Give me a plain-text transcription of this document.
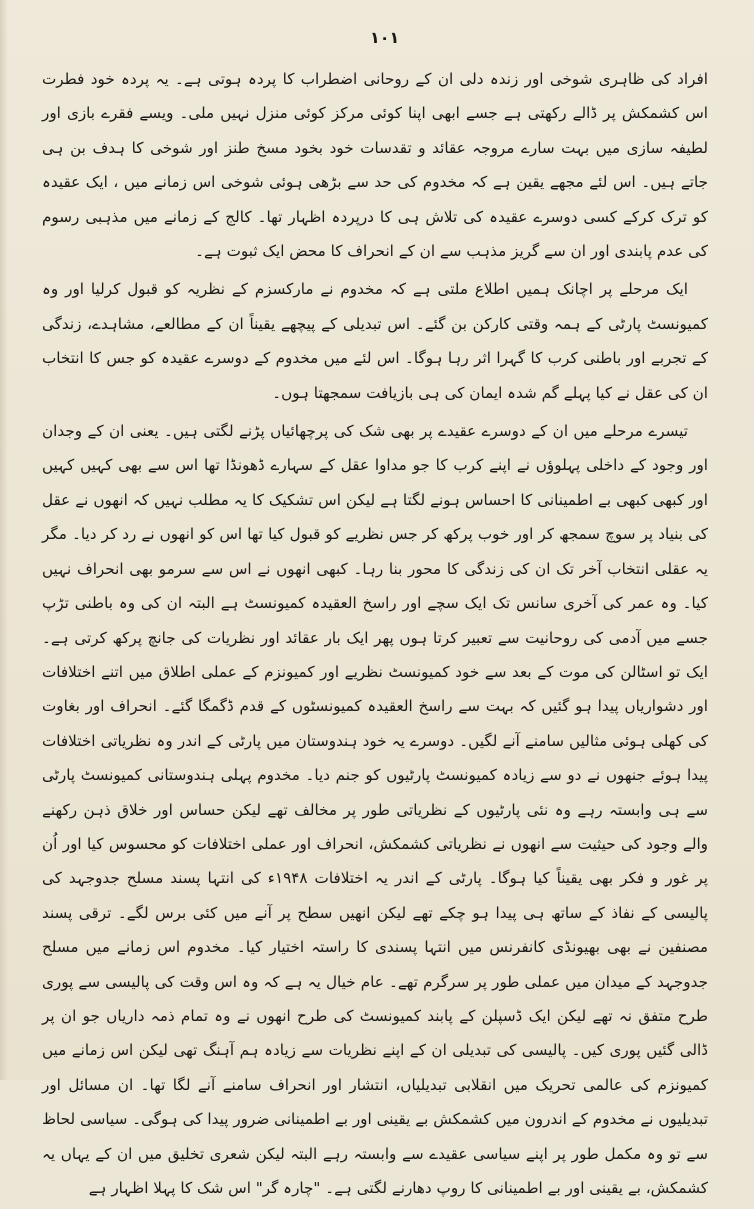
١٠١

افراد کی ظاہری شوخی اور زندہ دلی ان کے روحانی اضطراب کا پردہ ہوتی ہے۔ یہ پردہ خود فطرت اس کشمکش پر ڈالے رکھتی ہے جسے ابھی اپنا کوئی مرکز کوئی منزل نہیں ملی۔ ویسے فقرے بازی اور لطیفہ سازی میں بہت سارے مروجہ عقائد و تقدسات خود بخود مسخ طنز اور شوخی کا ہدف بن ہی جاتے ہیں۔ اس لئے مجھے یقین ہے کہ مخدوم کی حد سے بڑھی ہوئی شوخی اس زمانے میں ، ایک عقیدہ کو ترک کرکے کسی دوسرے عقیدہ کی تلاش ہی کا درپردہ اظہار تھا۔ کالج کے زمانے میں مذہبی رسوم کی عدم پابندی اور ان سے گریز مذہب سے ان کے انحراف کا محض ایک ثبوت ہے۔

ایک مرحلے پر اچانک ہمیں اطلاع ملتی ہے کہ مخدوم نے مارکسزم کے نظریہ کو قبول کرلیا اور وہ کمیونسٹ پارٹی کے ہمہ وقتی کارکن بن گئے۔ اس تبدیلی کے پیچھے یقیناً ان کے مطالعے، مشاہدے، زندگی کے تجربے اور باطنی کرب کا گہرا اثر رہا ہوگا۔ اس لئے میں مخدوم کے دوسرے عقیدہ کو جس کا انتخاب ان کی عقل نے کیا پہلے گم شدہ ایمان کی ہی بازیافت سمجھتا ہوں۔

تیسرے مرحلے میں ان کے دوسرے عقیدے پر بھی شک کی پرچھائیاں پڑنے لگتی ہیں۔ یعنی ان کے وجدان اور وجود کے داخلی پہلوؤں نے اپنے کرب کا جو مداوا عقل کے سہارے ڈھونڈا تھا اس سے بھی کہیں کہیں اور کبھی کبھی بے اطمینانی کا احساس ہونے لگتا ہے لیکن اس تشکیک کا یہ مطلب نہیں کہ انھوں نے عقل کی بنیاد پر سوچ سمجھ کر اور خوب پرکھ کر جس نظریے کو قبول کیا تھا اس کو انھوں نے رد کر دیا۔ مگر یہ عقلی انتخاب آخر تک ان کی زندگی کا محور بنا رہا۔ کبھی انھوں نے اس سے سرمو بھی انحراف نہیں کیا۔ وہ عمر کی آخری سانس تک ایک سچے اور راسخ العقیدہ کمیونسٹ ہے البتہ ان کی وہ باطنی تڑپ جسے میں آدمی کی روحانیت سے تعبیر کرتا ہوں پھر ایک بار عقائد اور نظریات کی جانچ پرکھ کرتی ہے۔ ایک تو اسٹالن کی موت کے بعد سے خود کمیونسٹ نظریے اور کمیونزم کے عملی اطلاق میں اتنے اختلافات اور دشواریاں پیدا ہو گئیں کہ بہت سے راسخ العقیدہ کمیونسٹوں کے قدم ڈگمگا گئے۔ انحراف اور بغاوت کی کھلی ہوئی مثالیں سامنے آنے لگیں۔ دوسرے یہ خود ہندوستان میں پارٹی کے اندر وہ نظریاتی اختلافات پیدا ہوئے جنھوں نے دو سے زیادہ کمیونسٹ پارٹیوں کو جنم دیا۔ مخدوم پہلی ہندوستانی کمیونسٹ پارٹی سے ہی وابستہ رہے وہ نئی پارٹیوں کے نظریاتی طور پر مخالف تھے لیکن حساس اور خلاق ذہن رکھنے والے وجود کی حیثیت سے انھوں نے نظریاتی کشمکش، انحراف اور عملی اختلافات کو محسوس کیا اور اُن پر غور و فکر بھی یقیناً کیا ہوگا۔ پارٹی کے اندر یہ اختلافات ۱۹۴۸ء کی انتہا پسند مسلح جدوجہد کی پالیسی کے نفاذ کے ساتھ ہی پیدا ہو چکے تھے لیکن انھیں سطح پر آنے میں کئی برس لگے۔ ترقی پسند مصنفین نے بھی بھیونڈی کانفرنس میں انتہا پسندی کا راستہ اختیار کیا۔ مخدوم اس زمانے میں مسلح جدوجہد کے میدان میں عملی طور پر سرگرم تھے۔ عام خیال یہ ہے کہ وہ اس وقت کی پالیسی سے پوری طرح متفق نہ تھے لیکن ایک ڈسپلن کے پابند کمیونسٹ کی طرح انھوں نے وہ تمام ذمہ داریاں جو ان پر ڈالی گئیں پوری کیں۔ پالیسی کی تبدیلی ان کے اپنے نظریات سے زیادہ ہم آہنگ تھی لیکن اس زمانے میں کمیونزم کی عالمی تحریک میں انقلابی تبدیلیاں، انتشار اور انحراف سامنے آنے لگا تھا۔ ان مسائل اور تبدیلیوں نے مخدوم کے اندرون میں کشمکش بے یقینی اور بے اطمینانی ضرور پیدا کی ہوگی۔ سیاسی لحاظ سے تو وہ مکمل طور پر اپنے سیاسی عقیدے سے وابستہ رہے البتہ لیکن شعری تخلیق میں ان کے یہاں یہ کشمکش، بے یقینی اور بے اطمینانی کا روپ دھارنے لگتی ہے۔ "چارہ گر" اس شک کا پہلا اظہار ہے
